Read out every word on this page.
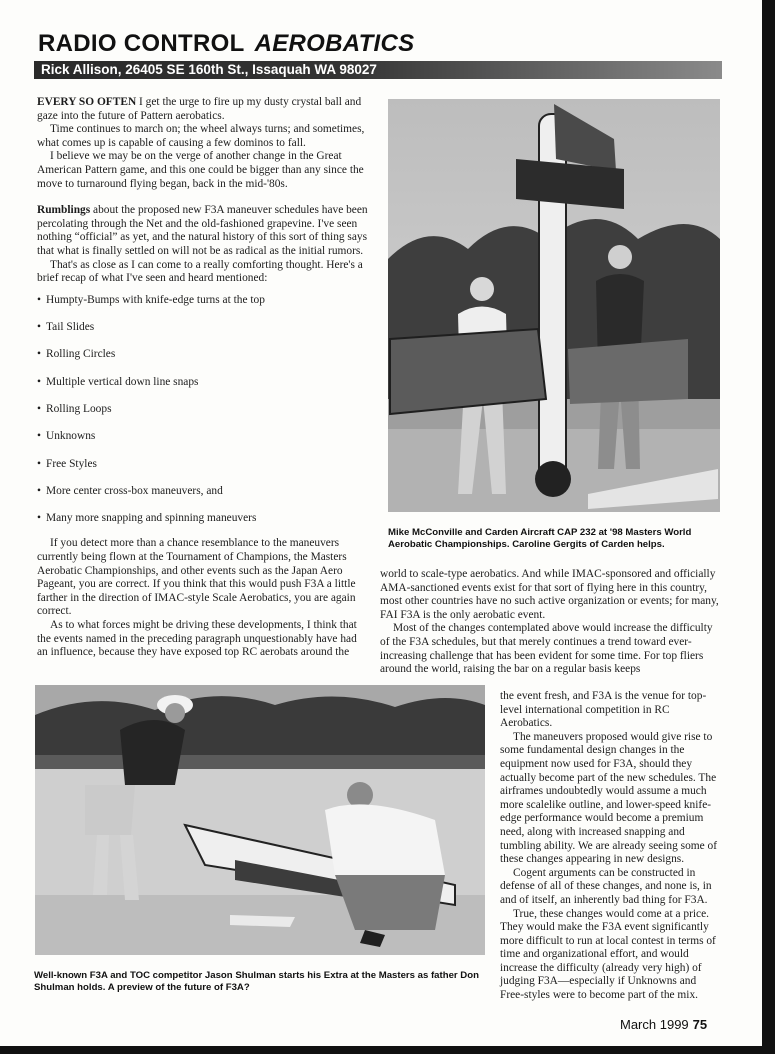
RADIO CONTROL AEROBATICS
Rick Allison, 26405 SE 160th St., Issaquah WA 98027

EVERY SO OFTEN I get the urge to fire up my dusty crystal ball and gaze into the future of Pattern aerobatics.

Time continues to march on; the wheel always turns; and sometimes, what comes up is capable of causing a few dominos to fall.

I believe we may be on the verge of another change in the Great American Pattern game, and this one could be bigger than any since the move to turnaround flying began, back in the mid-'80s.

Rumblings about the proposed new F3A maneuver schedules have been percolating through the Net and the old-fashioned grapevine. I've seen nothing “official” as yet, and the natural history of this sort of thing says that what is finally settled on will not be as radical as the initial rumors.

That's as close as I can come to a really comforting thought. Here's a brief recap of what I've seen and heard mentioned:

• Humpty-Bumps with knife-edge turns at the top
• Tail Slides
• Rolling Circles
• Multiple vertical down line snaps
• Rolling Loops
• Unknowns
• Free Styles
• More center cross-box maneuvers, and
• Many more snapping and spinning maneuvers

If you detect more than a chance resemblance to the maneuvers currently being flown at the Tournament of Champions, the Masters Aerobatic Championships, and other events such as the Japan Aero Pageant, you are correct. If you think that this would push F3A a little farther in the direction of IMAC-style Scale Aerobatics, you are again correct.

As to what forces might be driving these developments, I think that the events named in the preceding paragraph unquestionably have had an influence, because they have exposed top RC aerobats around the

Mike McConville and Carden Aircraft CAP 232 at '98 Masters World Aerobatic Championships. Caroline Gergits of Carden helps.

world to scale-type aerobatics. And while IMAC-sponsored and officially AMA-sanctioned events exist for that sort of flying here in this country, most other countries have no such active organization or events; for many, FAI F3A is the only aerobatic event.

Most of the changes contemplated above would increase the difficulty of the F3A schedules, but that merely continues a trend toward ever-increasing challenge that has been evident for some time. For top fliers around the world, raising the bar on a regular basis keeps

the event fresh, and F3A is the venue for top-level international competition in RC Aerobatics.

The maneuvers proposed would give rise to some fundamental design changes in the equipment now used for F3A, should they actually become part of the new schedules. The airframes undoubtedly would assume a much more scalelike outline, and lower-speed knife-edge performance would become a premium need, along with increased snapping and tumbling ability. We are already seeing some of these changes appearing in new designs.

Cogent arguments can be constructed in defense of all of these changes, and none is, in and of itself, an inherently bad thing for F3A.

True, these changes would come at a price. They would make the F3A event significantly more difficult to run at local contest in terms of time and organizational effort, and would increase the difficulty (already very high) of judging F3A—especially if Unknowns and Free-styles were to become part of the mix.

Well-known F3A and TOC competitor Jason Shulman starts his Extra at the Masters as father Don Shulman holds. A preview of the future of F3A?
March 1999 75
